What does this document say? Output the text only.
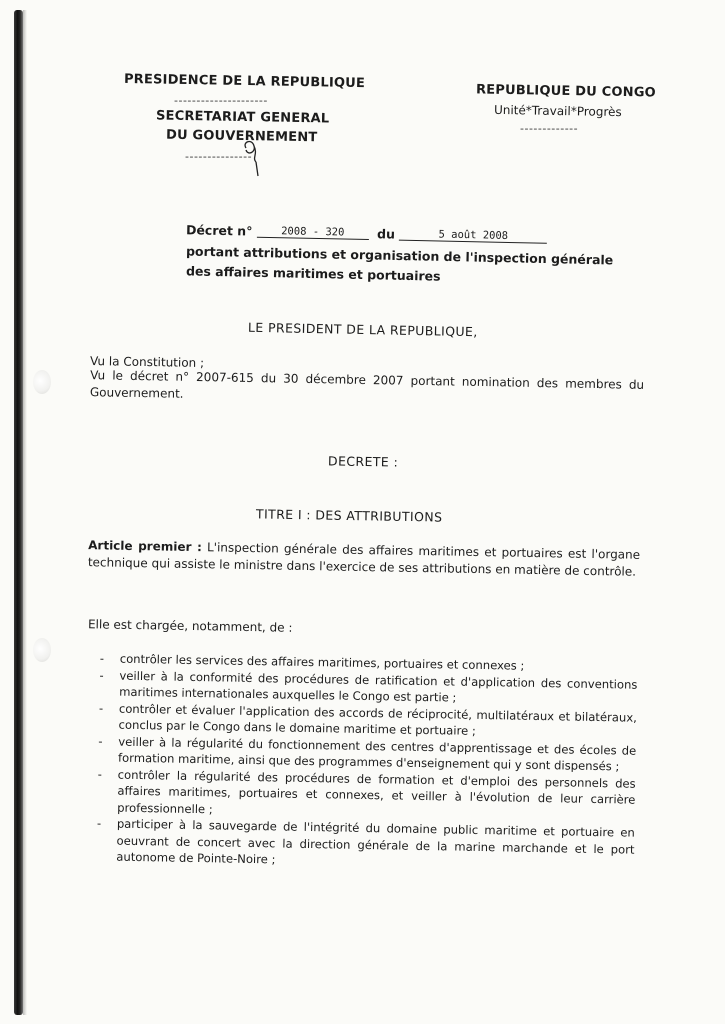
PRESIDENCE DE LA REPUBLIQUE
---------------------
SECRETARIAT GENERAL
DU GOUVERNEMENT
---------------
REPUBLIQUE DU CONGO
Unité*Travail*Progrès
-------------
Décret n°	2008 - 320	du	5 août 2008
portant attributions et organisation de l'inspection générale
des affaires maritimes et portuaires
LE PRESIDENT DE LA REPUBLIQUE,
Vu la Constitution ;
Vu le décret n° 2007-615 du 30 décembre 2007 portant nomination des membres du Gouvernement.
DECRETE :
TITRE I : DES ATTRIBUTIONS
Article premier : L'inspection générale des affaires maritimes et portuaires est l'organe technique qui assiste le ministre dans l'exercice de ses attributions en matière de contrôle.
Elle est chargée, notamment, de :
- contrôler les services des affaires maritimes, portuaires et connexes ;
- veiller à la conformité des procédures de ratification et d'application des conventions maritimes internationales auxquelles le Congo est partie ;
- contrôler et évaluer l'application des accords de réciprocité, multilatéraux et bilatéraux, conclus par le Congo dans le domaine maritime et portuaire ;
- veiller à la régularité du fonctionnement des centres d'apprentissage et des écoles de formation maritime, ainsi que des programmes d'enseignement qui y sont dispensés ;
- contrôler la régularité des procédures de formation et d'emploi des personnels des affaires maritimes, portuaires et connexes, et veiller à l'évolution de leur carrière professionnelle ;
- participer à la sauvegarde de l'intégrité du domaine public maritime et portuaire en oeuvrant de concert avec la direction générale de la marine marchande et le port autonome de Pointe-Noire ;
